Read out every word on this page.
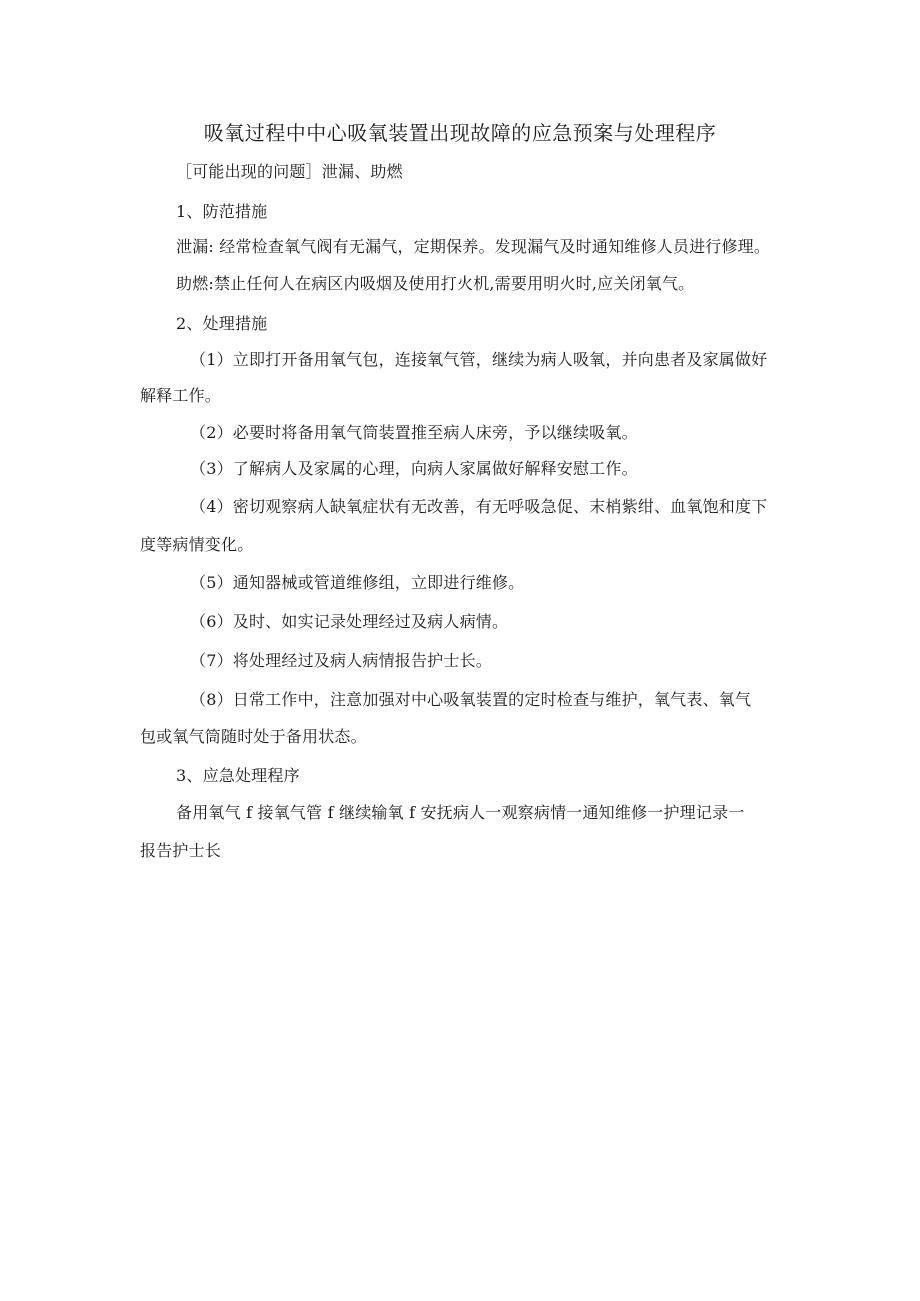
吸氧过程中中心吸氧装置出现故障的应急预案与处理程序
［可能出现的问题］泄漏、助燃
1、防范措施
泄漏: 经常检查氧气阀有无漏气，定期保养。发现漏气及时通知维修人员进行修理。
助燃:禁止任何人在病区内吸烟及使用打火机,需要用明火时,应关闭氧气。
2、处理措施
（1）立即打开备用氧气包，连接氧气管，继续为病人吸氧，并向患者及家属做好
解释工作。
（2）必要时将备用氧气筒装置推至病人床旁，予以继续吸氧。
（3）了解病人及家属的心理，向病人家属做好解释安慰工作。
（4）密切观察病人缺氧症状有无改善，有无呼吸急促、末梢紫绀、血氧饱和度下
度等病情变化。
（5）通知器械或管道维修组，立即进行维修。
（6）及时、如实记录处理经过及病人病情。
（7）将处理经过及病人病情报告护士长。
（8）日常工作中，注意加强对中心吸氧装置的定时检查与维护，氧气表、氧气
包或氧气筒随时处于备用状态。
3、应急处理程序
备用氧气 f 接氧气管 f 继续输氧 f 安抚病人一观察病情一通知维修一护理记录一
报告护士长
